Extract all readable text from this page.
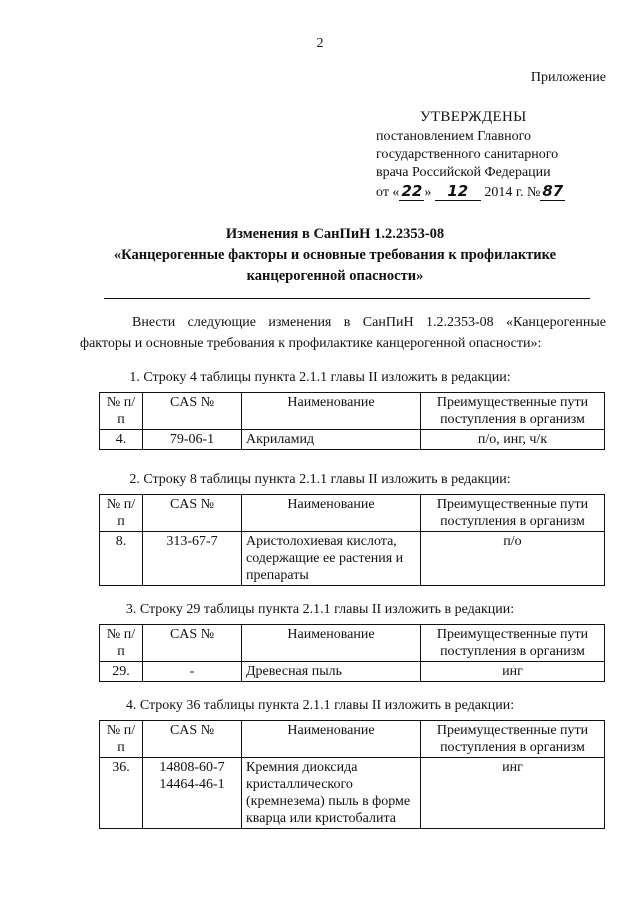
2
Приложение
УТВЕРЖДЕНЫ
постановлением Главного
государственного санитарного
врача Российской Федерации
от « 22 » 12 2014 г. № 87
Изменения в СанПиН 1.2.2353-08
«Канцерогенные факторы и основные требования к профилактике
канцерогенной опасности»
Внести следующие изменения в СанПиН 1.2.2353-08 «Канцерогенные факторы и основные требования к профилактике канцерогенной опасности»:
1. Строку 4 таблицы пункта 2.1.1 главы II изложить в редакции:
№ п/п	CAS №	Наименование	Преимущественные пути поступления в организм
4.	79-06-1	Акриламид	п/о, инг, ч/к
2. Строку 8 таблицы пункта 2.1.1 главы II изложить в редакции:
№ п/п	CAS №	Наименование	Преимущественные пути поступления в организм
8.	313-67-7	Аристолохиевая кислота, содержащие ее растения и препараты	п/о
3. Строку 29 таблицы пункта 2.1.1 главы II изложить в редакции:
№ п/п	CAS №	Наименование	Преимущественные пути поступления в организм
29.	-	Древесная пыль	инг
4. Строку 36 таблицы пункта 2.1.1 главы II изложить в редакции:
№ п/п	CAS №	Наименование	Преимущественные пути поступления в организм
36.	14808-60-7 14464-46-1	Кремния диоксида кристаллического (кремнезема) пыль в форме кварца или кристобалита	инг
